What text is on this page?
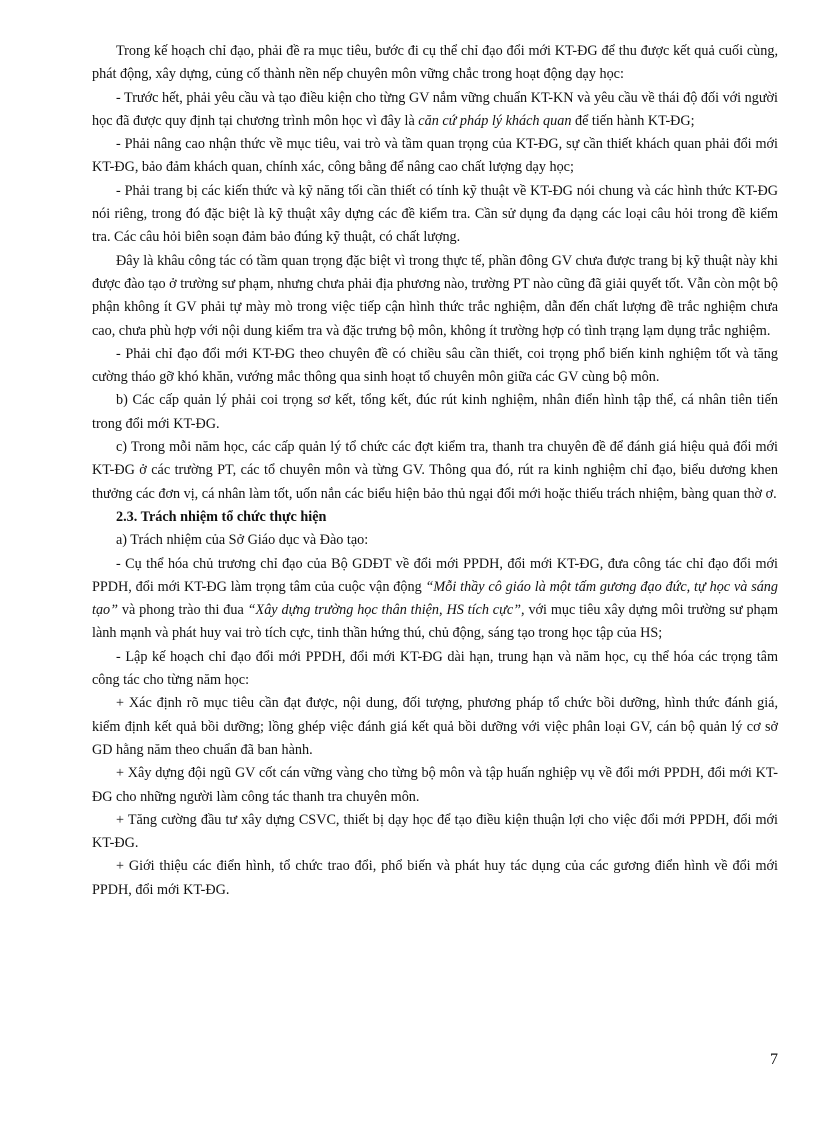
Trong kế hoạch chỉ đạo, phải đề ra mục tiêu, bước đi cụ thể chỉ đạo đổi mới KT-ĐG để thu được kết quả cuối cùng, phát động, xây dựng, củng cố thành nền nếp chuyên môn vững chắc trong hoạt động dạy học:

- Trước hết, phải yêu cầu và tạo điều kiện cho từng GV nắm vững chuẩn KT-KN và yêu cầu về thái độ đối với người học đã được quy định tại chương trình môn học vì đây là căn cứ pháp lý khách quan để tiến hành KT-ĐG;

- Phải nâng cao nhận thức về mục tiêu, vai trò và tầm quan trọng của KT-ĐG, sự cần thiết khách quan phải đổi mới KT-ĐG, bảo đảm khách quan, chính xác, công bằng để nâng cao chất lượng dạy học;

- Phải trang bị các kiến thức và kỹ năng tối cần thiết có tính kỹ thuật về KT-ĐG nói chung và các hình thức KT-ĐG nói riêng, trong đó đặc biệt là kỹ thuật xây dựng các đề kiểm tra. Cần sử dụng đa dạng các loại câu hỏi trong đề kiểm tra. Các câu hỏi biên soạn đảm bảo đúng kỹ thuật, có chất lượng.

Đây là khâu công tác có tầm quan trọng đặc biệt vì trong thực tế, phần đông GV chưa được trang bị kỹ thuật này khi được đào tạo ở trường sư phạm, nhưng chưa phải địa phương nào, trường PT nào cũng đã giải quyết tốt. Vẫn còn một bộ phận không ít GV phải tự mày mò trong việc tiếp cận hình thức trắc nghiệm, dẫn đến chất lượng đề trắc nghiệm chưa cao, chưa phù hợp với nội dung kiểm tra và đặc trưng bộ môn, không ít trường hợp có tình trạng lạm dụng trắc nghiệm.

- Phải chỉ đạo đổi mới KT-ĐG theo chuyên đề có chiều sâu cần thiết, coi trọng phổ biến kinh nghiệm tốt và tăng cường tháo gỡ khó khăn, vướng mắc thông qua sinh hoạt tổ chuyên môn giữa các GV cùng bộ môn.

b) Các cấp quản lý phải coi trọng sơ kết, tổng kết, đúc rút kinh nghiệm, nhân điển hình tập thể, cá nhân tiên tiến trong đổi mới KT-ĐG.

c) Trong mỗi năm học, các cấp quản lý tổ chức các đợt kiểm tra, thanh tra chuyên đề để đánh giá hiệu quả đổi mới KT-ĐG ở các trường PT, các tổ chuyên môn và từng GV. Thông qua đó, rút ra kinh nghiệm chỉ đạo, biểu dương khen thưởng các đơn vị, cá nhân làm tốt, uốn nắn các biểu hiện bảo thủ ngại đổi mới hoặc thiếu trách nhiệm, bàng quan thờ ơ.

2.3. Trách nhiệm tổ chức thực hiện

a) Trách nhiệm của Sở Giáo dục và Đào tạo:

- Cụ thể hóa chủ trương chỉ đạo của Bộ GDĐT về đổi mới PPDH, đổi mới KT-ĐG, đưa công tác chỉ đạo đổi mới PPDH, đổi mới KT-ĐG làm trọng tâm của cuộc vận động “Mỗi thầy cô giáo là một tấm gương đạo đức, tự học và sáng tạo” và phong trào thi đua “Xây dựng trường học thân thiện, HS tích cực”, với mục tiêu xây dựng môi trường sư phạm lành mạnh và phát huy vai trò tích cực, tinh thần hứng thú, chủ động, sáng tạo trong học tập của HS;

- Lập kế hoạch chỉ đạo đổi mới PPDH, đổi mới KT-ĐG dài hạn, trung hạn và năm học, cụ thể hóa các trọng tâm công tác cho từng năm học:

+ Xác định rõ mục tiêu cần đạt được, nội dung, đối tượng, phương pháp tổ chức bồi dưỡng, hình thức đánh giá, kiểm định kết quả bồi dưỡng; lồng ghép việc đánh giá kết quả bồi dưỡng với việc phân loại GV, cán bộ quản lý cơ sở GD hằng năm theo chuẩn đã ban hành.

+ Xây dựng đội ngũ GV cốt cán vững vàng cho từng bộ môn và tập huấn nghiệp vụ về đổi mới PPDH, đổi mới KT-ĐG cho những người làm công tác thanh tra chuyên môn.

+ Tăng cường đầu tư xây dựng CSVC, thiết bị dạy học để tạo điều kiện thuận lợi cho việc đổi mới PPDH, đổi mới KT-ĐG.

+ Giới thiệu các điển hình, tổ chức trao đổi, phổ biến và phát huy tác dụng của các gương điển hình về đổi mới PPDH, đổi mới KT-ĐG.

7
